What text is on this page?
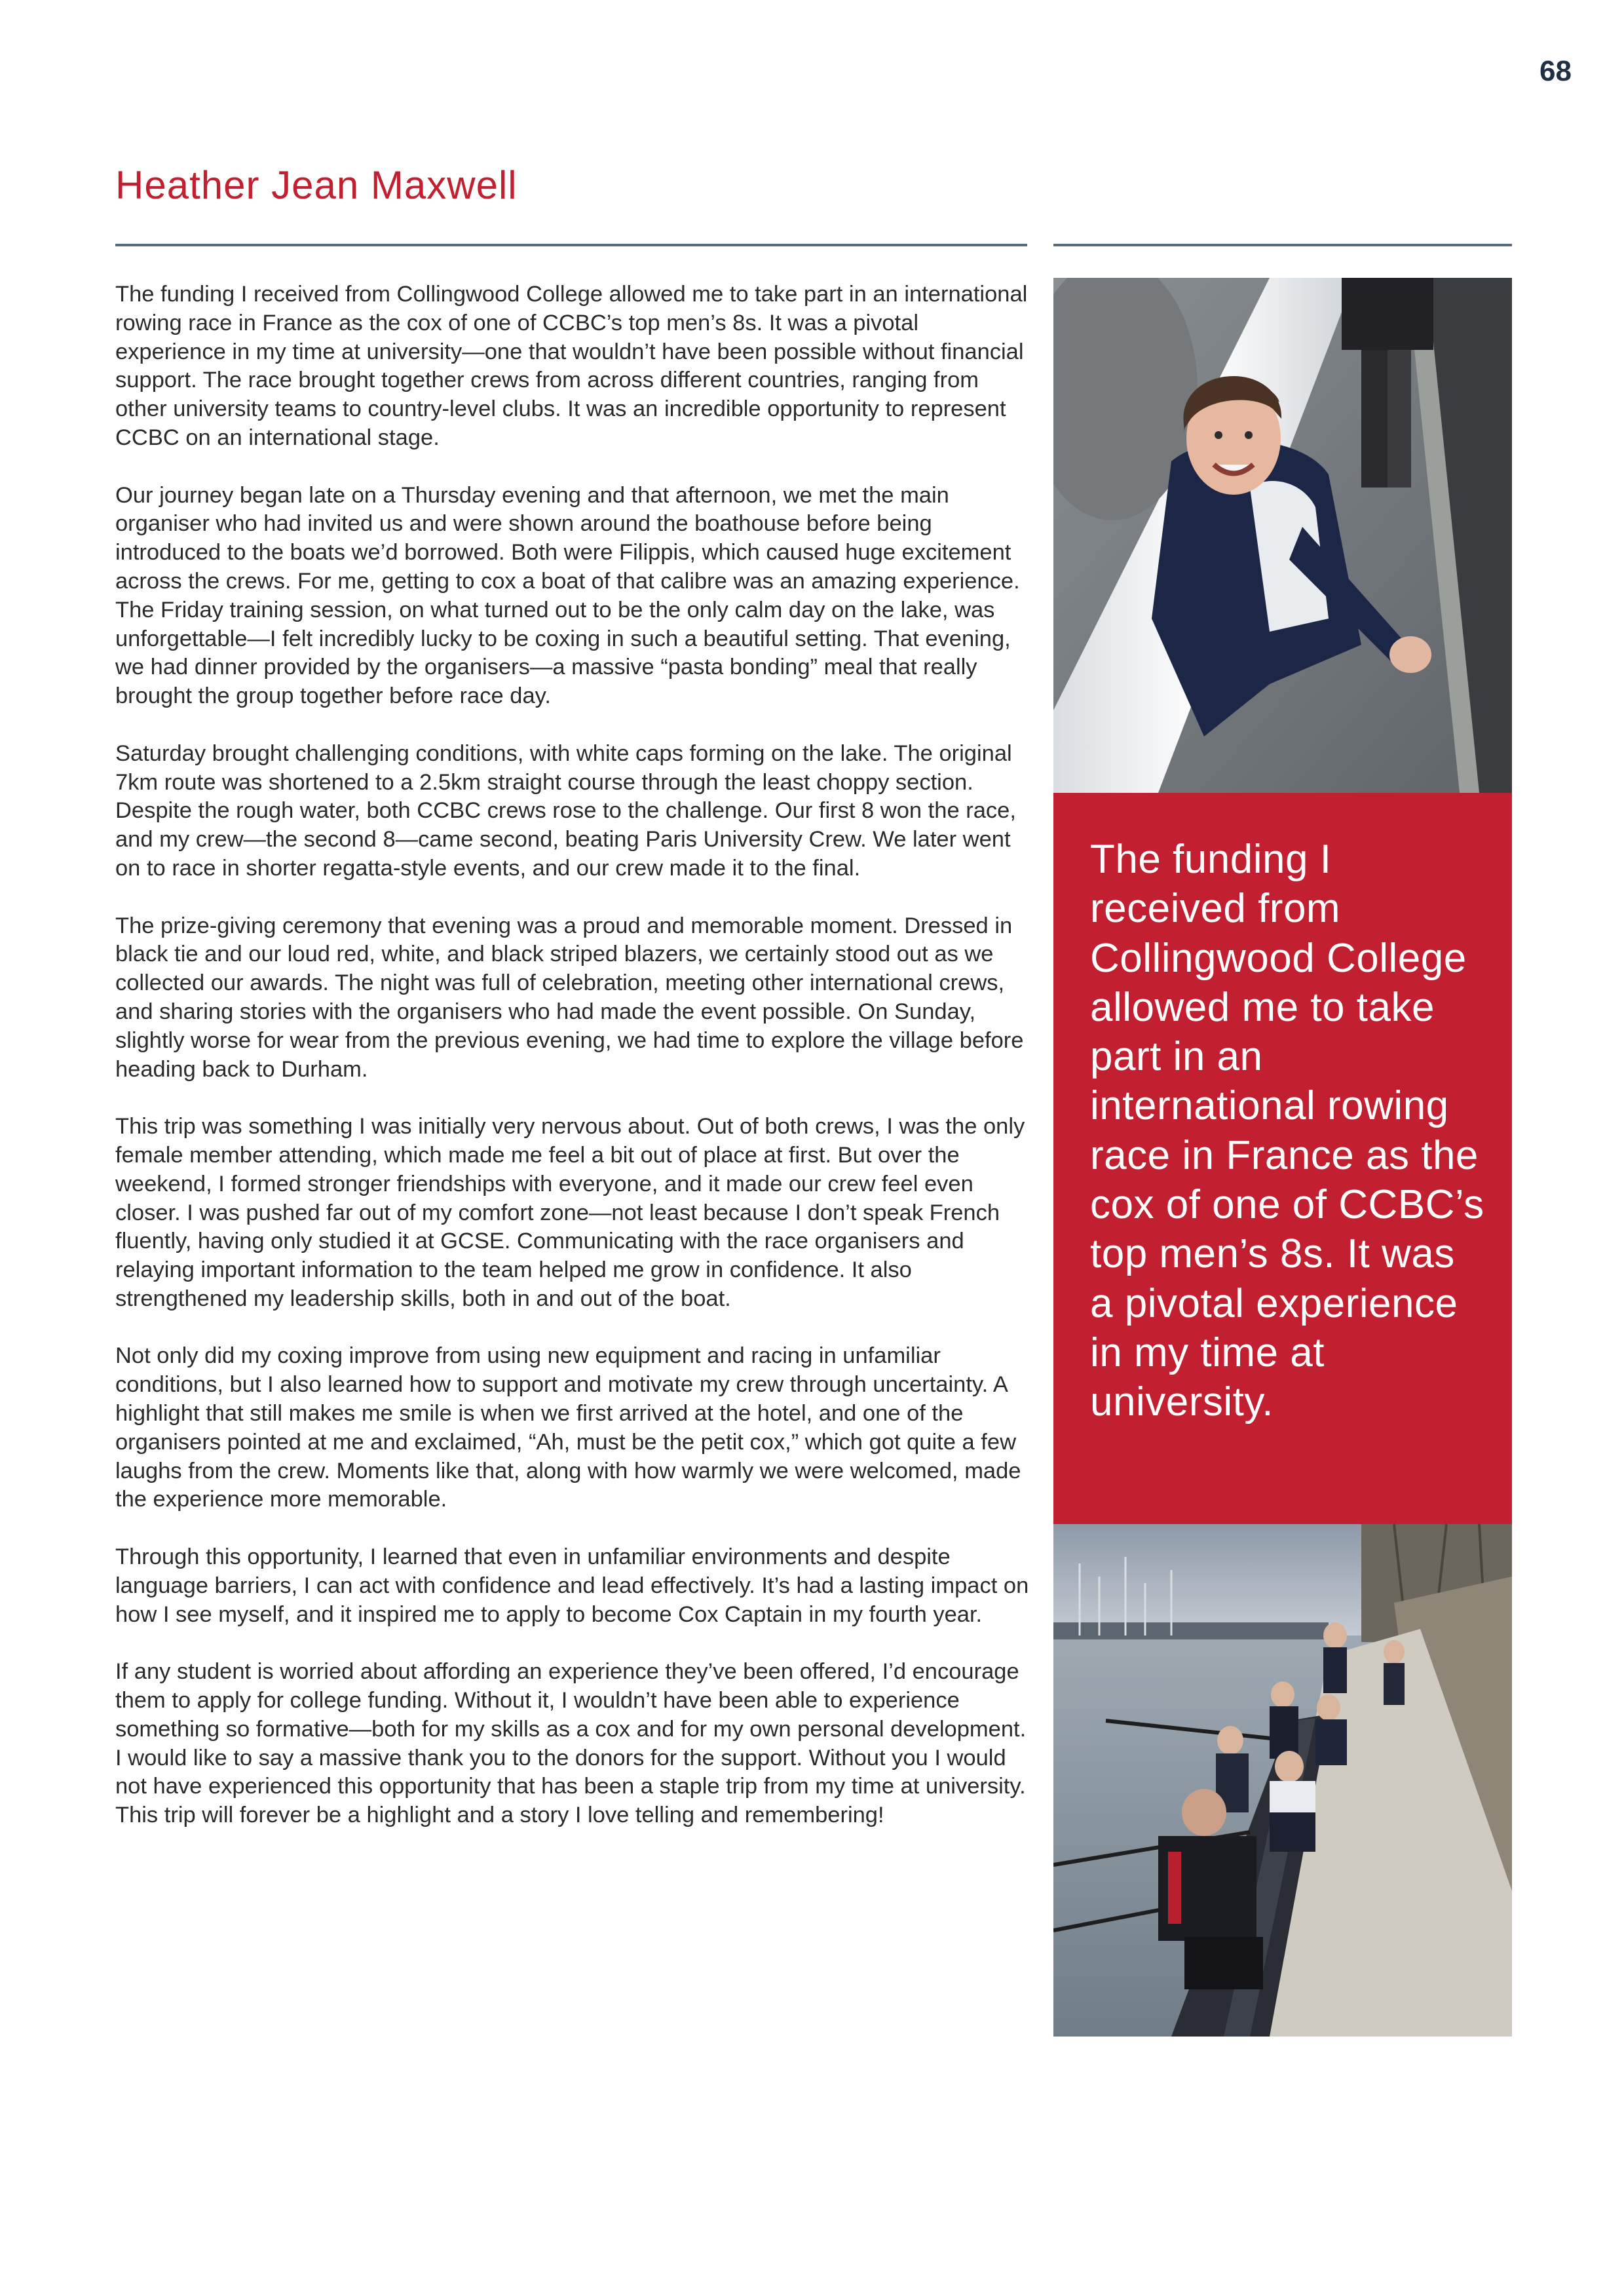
68
Heather Jean Maxwell

The funding I received from Collingwood College allowed me to take part in an international rowing race in France as the cox of one of CCBC’s top men’s 8s. It was a pivotal experience in my time at university—one that wouldn’t have been possible without financial support. The race brought together crews from across different countries, ranging from other university teams to country-level clubs. It was an incredible opportunity to represent CCBC on an international stage.

Our journey began late on a Thursday evening and that afternoon, we met the main organiser who had invited us and were shown around the boathouse before being introduced to the boats we’d borrowed. Both were Filippis, which caused huge excitement across the crews. For me, getting to cox a boat of that calibre was an amazing experience. The Friday training session, on what turned out to be the only calm day on the lake, was unforgettable—I felt incredibly lucky to be coxing in such a beautiful setting. That evening, we had dinner provided by the organisers—a massive “pasta bonding” meal that really brought the group together before race day.

Saturday brought challenging conditions, with white caps forming on the lake. The original 7km route was shortened to a 2.5km straight course through the least choppy section. Despite the rough water, both CCBC crews rose to the challenge. Our first 8 won the race, and my crew—the second 8—came second, beating Paris University Crew. We later went on to race in shorter regatta-style events, and our crew made it to the final.

The prize-giving ceremony that evening was a proud and memorable moment. Dressed in black tie and our loud red, white, and black striped blazers, we certainly stood out as we collected our awards. The night was full of celebration, meeting other international crews, and sharing stories with the organisers who had made the event possible. On Sunday, slightly worse for wear from the previous evening, we had time to explore the village before heading back to Durham.

This trip was something I was initially very nervous about. Out of both crews, I was the only female member attending, which made me feel a bit out of place at first. But over the weekend, I formed stronger friendships with everyone, and it made our crew feel even closer. I was pushed far out of my comfort zone—not least because I don’t speak French fluently, having only studied it at GCSE. Communicating with the race organisers and relaying important information to the team helped me grow in confidence. It also strengthened my leadership skills, both in and out of the boat.

Not only did my coxing improve from using new equipment and racing in unfamiliar conditions, but I also learned how to support and motivate my crew through uncertainty. A highlight that still makes me smile is when we first arrived at the hotel, and one of the organisers pointed at me and exclaimed, “Ah, must be the petit cox,” which got quite a few laughs from the crew. Moments like that, along with how warmly we were welcomed, made the experience more memorable.

Through this opportunity, I learned that even in unfamiliar environments and despite language barriers, I can act with confidence and lead effectively. It’s had a lasting impact on how I see myself, and it inspired me to apply to become Cox Captain in my fourth year.

If any student is worried about affording an experience they’ve been offered, I’d encourage them to apply for college funding. Without it, I wouldn’t have been able to experience something so formative—both for my skills as a cox and for my own personal development. I would like to say a massive thank you to the donors for the support. Without you I would not have experienced this opportunity that has been a staple trip from my time at university. This trip will forever be a highlight and a story I love telling and remembering!

The funding I received from Collingwood College allowed me to take part in an international rowing race in France as the cox of one of CCBC’s top men’s 8s. It was a pivotal experience in my time at university.
